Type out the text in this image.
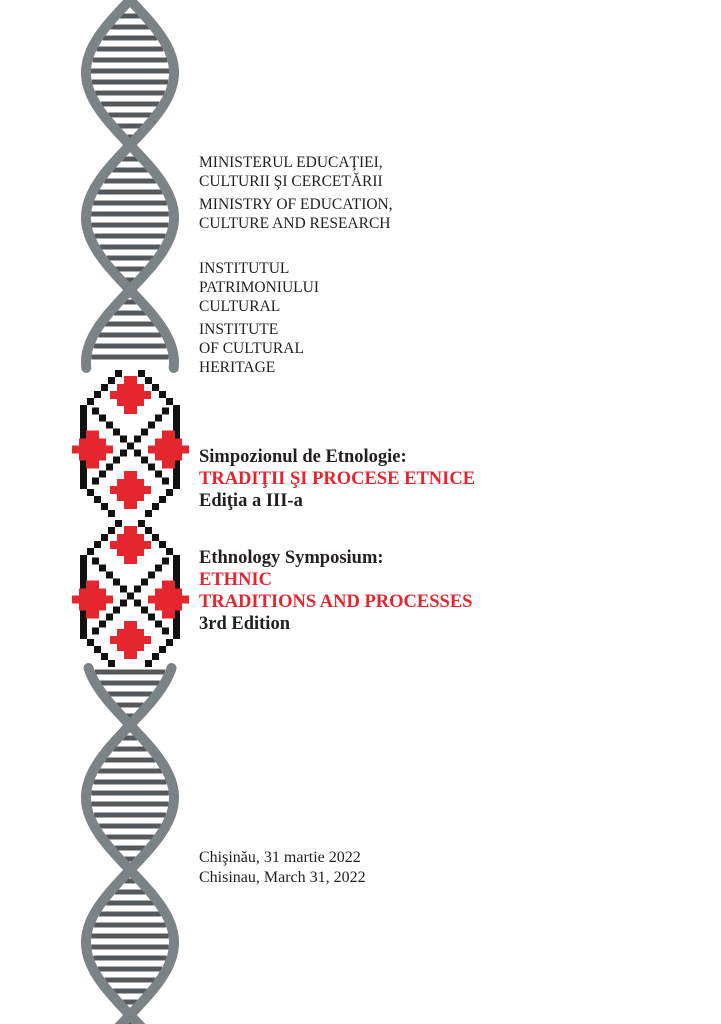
MINISTERUL EDUCAŢIEI,
CULTURII ŞI CERCETĂRII
MINISTRY OF EDUCATION,
CULTURE AND RESEARCH
INSTITUTUL
PATRIMONIULUI
CULTURAL
INSTITUTE
OF CULTURAL
HERITAGE
Simpozionul de Etnologie:
TRADIŢII ŞI PROCESE ETNICE
Ediţia a III-a
Ethnology Symposium:
ETHNIC
TRADITIONS AND PROCESSES
3rd Edition
Chişinău, 31 martie 2022
Chisinau, March 31, 2022
